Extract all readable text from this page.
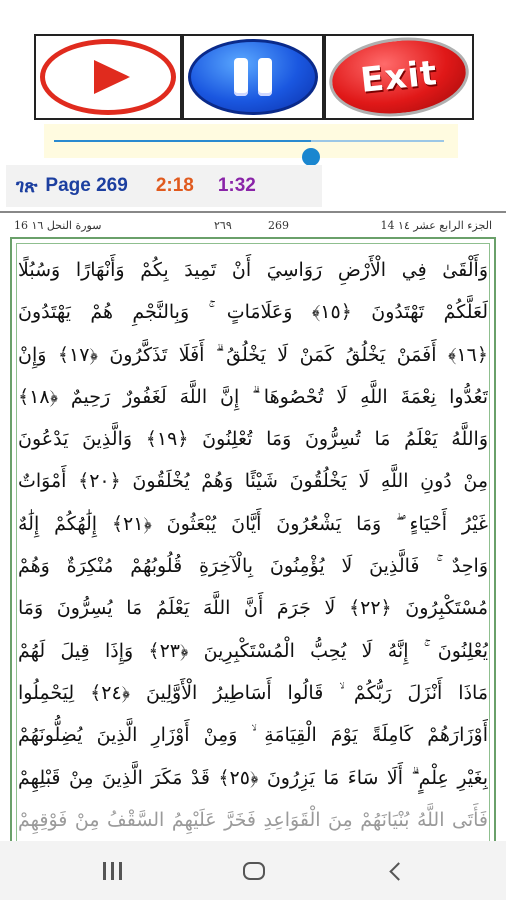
Exit
ገጽ Page 269 2:18 1:32
16 سورة النحل ١٦	٢٦٩	269	14 الجزء الرابع عشر ١٤
وَأَلْقَىٰ فِي الْأَرْضِ رَوَاسِيَ أَنْ تَمِيدَ بِكُمْ وَأَنْهَارًا وَسُبُلًا
لَعَلَّكُمْ تَهْتَدُونَ ﴿١٥﴾ وَعَلَامَاتٍ ۚ وَبِالنَّجْمِ هُمْ يَهْتَدُونَ
﴿١٦﴾ أَفَمَنْ يَخْلُقُ كَمَنْ لَا يَخْلُقُ ۗ أَفَلَا تَذَكَّرُونَ ﴿١٧﴾ وَإِنْ
تَعُدُّوا نِعْمَةَ اللَّهِ لَا تُحْصُوهَا ۗ إِنَّ اللَّهَ لَغَفُورٌ رَحِيمٌ ﴿١٨﴾
وَاللَّهُ يَعْلَمُ مَا تُسِرُّونَ وَمَا تُعْلِنُونَ ﴿١٩﴾ وَالَّذِينَ يَدْعُونَ
مِنْ دُونِ اللَّهِ لَا يَخْلُقُونَ شَيْئًا وَهُمْ يُخْلَقُونَ ﴿٢٠﴾ أَمْوَاتٌ
غَيْرُ أَحْيَاءٍ ۖ وَمَا يَشْعُرُونَ أَيَّانَ يُبْعَثُونَ ﴿٢١﴾ إِلَٰهُكُمْ إِلَٰهٌ
وَاحِدٌ ۚ فَالَّذِينَ لَا يُؤْمِنُونَ بِالْآخِرَةِ قُلُوبُهُمْ مُنْكِرَةٌ وَهُمْ
مُسْتَكْبِرُونَ ﴿٢٢﴾ لَا جَرَمَ أَنَّ اللَّهَ يَعْلَمُ مَا يُسِرُّونَ وَمَا
يُعْلِنُونَ ۚ إِنَّهُ لَا يُحِبُّ الْمُسْتَكْبِرِينَ ﴿٢٣﴾ وَإِذَا قِيلَ لَهُمْ
مَاذَا أَنْزَلَ رَبُّكُمْ ۙ قَالُوا أَسَاطِيرُ الْأَوَّلِينَ ﴿٢٤﴾ لِيَحْمِلُوا
أَوْزَارَهُمْ كَامِلَةً يَوْمَ الْقِيَامَةِ ۙ وَمِنْ أَوْزَارِ الَّذِينَ يُضِلُّونَهُمْ
بِغَيْرِ عِلْمٍ ۗ أَلَا سَاءَ مَا يَزِرُونَ ﴿٢٥﴾ قَدْ مَكَرَ الَّذِينَ مِنْ قَبْلِهِمْ
فَأَتَى اللَّهُ بُنْيَانَهُمْ مِنَ الْقَوَاعِدِ فَخَرَّ عَلَيْهِمُ السَّقْفُ مِنْ فَوْقِهِمْ
